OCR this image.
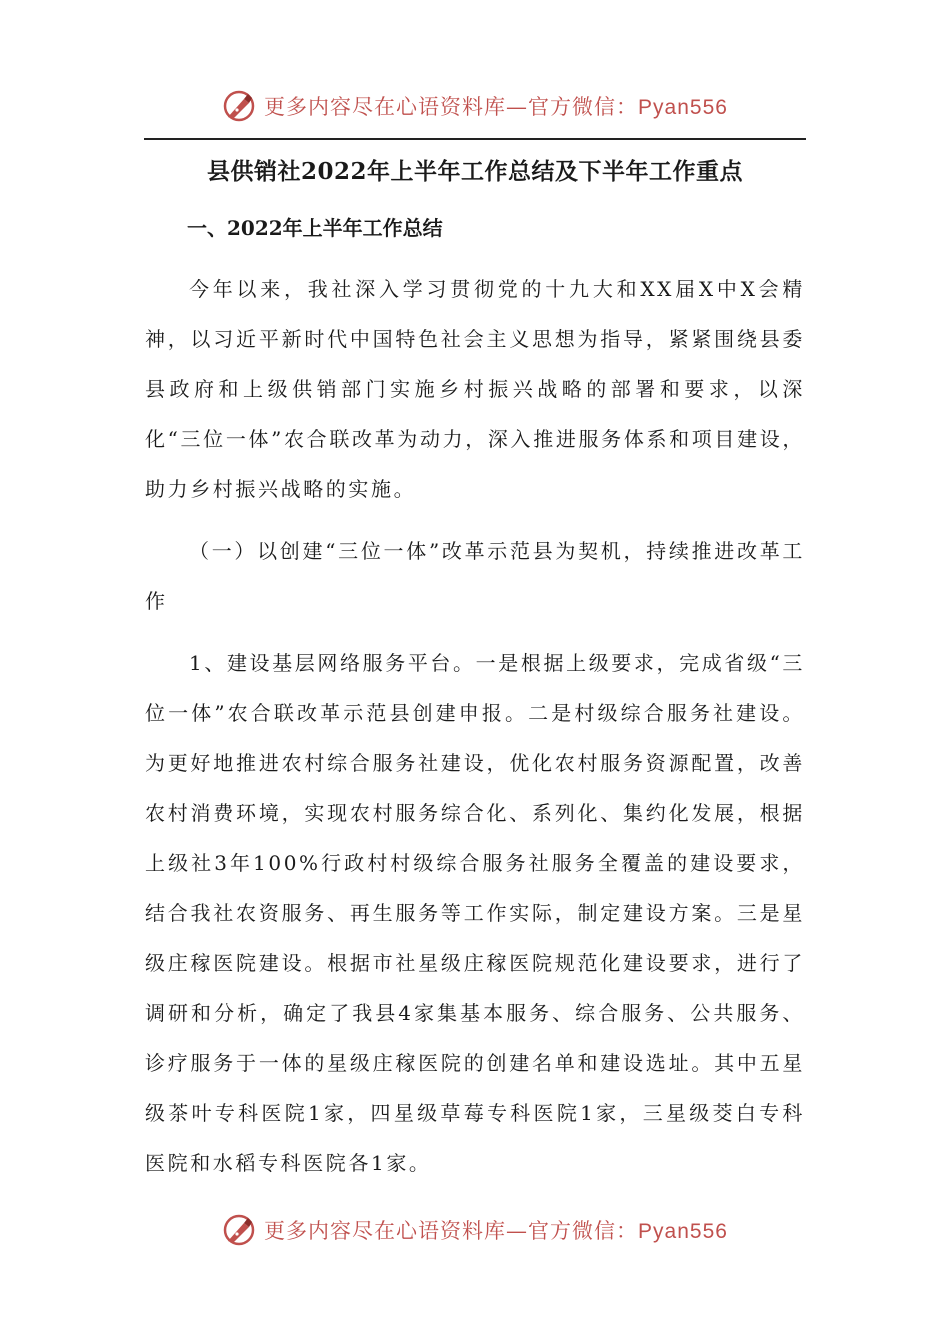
更多内容尽在心语资料库—官方微信：Pyan556
县供销社2022年上半年工作总结及下半年工作重点
一、2022年上半年工作总结

今年以来，我社深入学习贯彻党的十九大和XX届X中X会精神，以习近平新时代中国特色社会主义思想为指导，紧紧围绕县委县政府和上级供销部门实施乡村振兴战略的部署和要求，以深化“三位一体”农合联改革为动力，深入推进服务体系和项目建设，助力乡村振兴战略的实施。

（一）以创建“三位一体”改革示范县为契机，持续推进改革工作

1、建设基层网络服务平台。一是根据上级要求，完成省级“三位一体”农合联改革示范县创建申报。二是村级综合服务社建设。为更好地推进农村综合服务社建设，优化农村服务资源配置，改善农村消费环境，实现农村服务综合化、系列化、集约化发展，根据上级社3年100%行政村村级综合服务社服务全覆盖的建设要求，结合我社农资服务、再生服务等工作实际，制定建设方案。三是星级庄稼医院建设。根据市社星级庄稼医院规范化建设要求，进行了调研和分析，确定了我县4家集基本服务、综合服务、公共服务、诊疗服务于一体的星级庄稼医院的创建名单和建设选址。其中五星级茶叶专科医院1家，四星级草莓专科医院1家，三星级茭白专科医院和水稻专科医院各1家。

更多内容尽在心语资料库—官方微信：Pyan556
